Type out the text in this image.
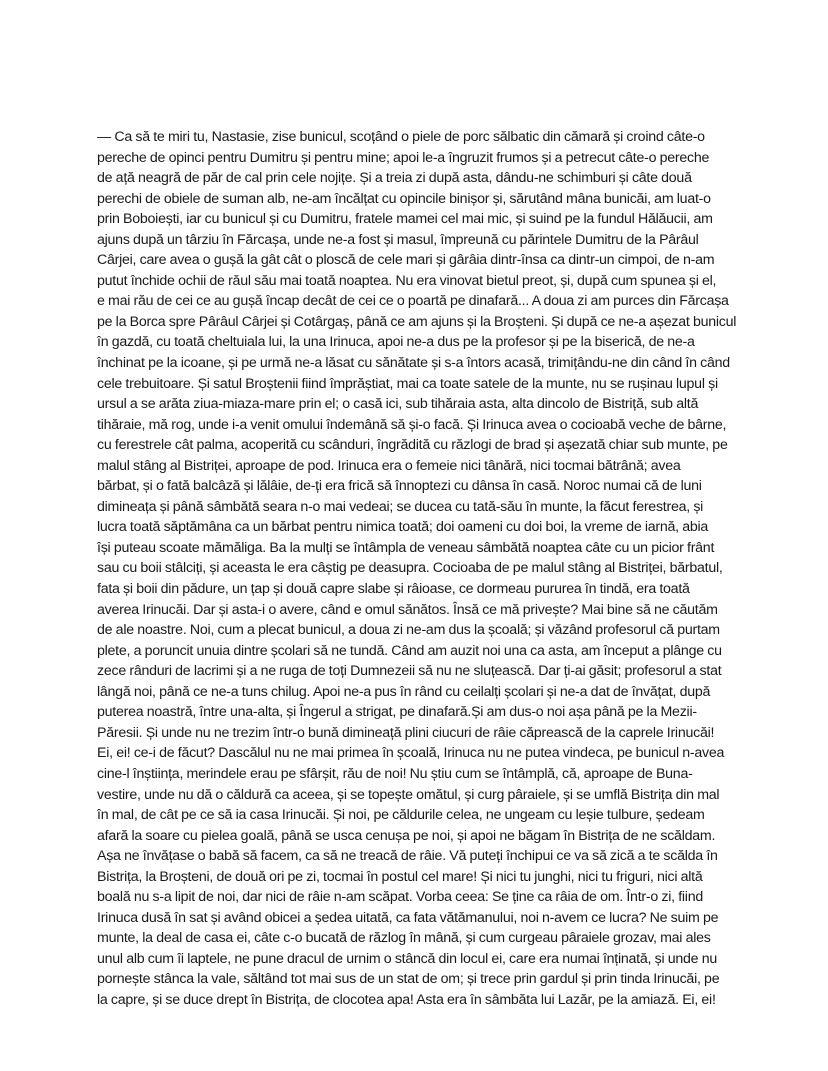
— Ca să te miri tu, Nastasie, zise bunicul, scoțând o piele de porc sălbatic din cămară și croind câte-o
pereche de opinci pentru Dumitru și pentru mine; apoi le-a îngruzit frumos și a petrecut câte-o pereche
de ață neagră de păr de cal prin cele nojițe. Și a treia zi după asta, dându-ne schimburi și câte două
perechi de obiele de suman alb, ne-am încălțat cu opincile binișor și, sărutând mâna bunicăi, am luat-o
prin Boboiești, iar cu bunicul și cu Dumitru, fratele mamei cel mai mic, și suind pe la fundul Hălăucii, am
ajuns după un târziu în Fărcașa, unde ne-a fost și masul, împreună cu părintele Dumitru de la Pârâul
Cârjei, care avea o gușă la gât cât o ploscă de cele mari și gârâia dintr-însa ca dintr-un cimpoi, de n-am
putut închide ochii de răul său mai toată noaptea. Nu era vinovat bietul preot, și, după cum spunea și el,
e mai rău de cei ce au gușă încap decât de cei ce o poartă pe dinafară... A doua zi am purces din Fărcașa
pe la Borca spre Pârâul Cârjei și Cotârgaș, până ce am ajuns și la Broșteni. Și după ce ne-a așezat bunicul
în gazdă, cu toată cheltuiala lui, la una Irinuca, apoi ne-a dus pe la profesor și pe la biserică, de ne-a
închinat pe la icoane, și pe urmă ne-a lăsat cu sănătate și s-a întors acasă, trimițându-ne din când în când
cele trebuitoare. Și satul Broștenii fiind împrăștiat, mai ca toate satele de la munte, nu se rușinau lupul și
ursul a se arăta ziua-miaza-mare prin el; o casă ici, sub tihăraia asta, alta dincolo de Bistriță, sub altă
tihăraie, mă rog, unde i-a venit omului îndemână să și-o facă. Și Irinuca avea o cocioabă veche de bârne,
cu ferestrele cât palma, acoperită cu scânduri, îngrădită cu răzlogi de brad și așezată chiar sub munte, pe
malul stâng al Bistriței, aproape de pod. Irinuca era o femeie nici tânără, nici tocmai bătrână; avea
bărbat, și o fată balcâză și lălâie, de-ți era frică să înnoptezi cu dânsa în casă. Noroc numai că de luni
dimineața și până sâmbătă seara n-o mai vedeai; se ducea cu tată-său în munte, la făcut ferestrea, și
lucra toată săptămâna ca un bărbat pentru nimica toată; doi oameni cu doi boi, la vreme de iarnă, abia
își puteau scoate mămăliga. Ba la mulți se întâmpla de veneau sâmbătă noaptea câte cu un picior frânt
sau cu boii stâlciți, și aceasta le era câștig pe deasupra. Cocioaba de pe malul stâng al Bistriței, bărbatul,
fata și boii din pădure, un țap și două capre slabe și râioase, ce dormeau pururea în tindă, era toată
averea Irinucăi. Dar și asta-i o avere, când e omul sănătos. Însă ce mă privește? Mai bine să ne căutăm
de ale noastre. Noi, cum a plecat bunicul, a doua zi ne-am dus la școală; și văzând profesorul că purtam
plete, a poruncit unuia dintre școlari să ne tundă. Când am auzit noi una ca asta, am început a plânge cu
zece rânduri de lacrimi și a ne ruga de toți Dumnezeii să nu ne sluțească. Dar ți-ai găsit; profesorul a stat
lângă noi, până ce ne-a tuns chilug. Apoi ne-a pus în rând cu ceilalți școlari și ne-a dat de învățat, după
puterea noastră, între una-alta, și Îngerul a strigat, pe dinafară.Și am dus-o noi așa până pe la Mezii-
Păresii. Și unde nu ne trezim într-o bună dimineață plini ciucuri de râie căprească de la caprele Irinucăi!
Ei, ei! ce-i de făcut? Dascălul nu ne mai primea în școală, Irinuca nu ne putea vindeca, pe bunicul n-avea
cine-l înștiința, merindele erau pe sfârșit, rău de noi! Nu știu cum se întâmplă, că, aproape de Buna-
vestire, unde nu dă o căldură ca aceea, și se topește omătul, și curg pâraiele, și se umflă Bistrița din mal
în mal, de cât pe ce să ia casa Irinucăi. Și noi, pe căldurile celea, ne ungeam cu leșie tulbure, ședeam
afară la soare cu pielea goală, până se usca cenușa pe noi, și apoi ne băgam în Bistrița de ne scăldam.
Așa ne învățase o babă să facem, ca să ne treacă de râie. Vă puteți închipui ce va să zică a te scălda în
Bistrița, la Broșteni, de două ori pe zi, tocmai în postul cel mare! Și nici tu junghi, nici tu friguri, nici altă
boală nu s-a lipit de noi, dar nici de râie n-am scăpat. Vorba ceea: Se ține ca râia de om. Într-o zi, fiind
Irinuca dusă în sat și având obicei a ședea uitată, ca fata vătămanului, noi n-avem ce lucra? Ne suim pe
munte, la deal de casa ei, câte c-o bucată de răzlog în mână, și cum curgeau pâraiele grozav, mai ales
unul alb cum îi laptele, ne pune dracul de urnim o stâncă din locul ei, care era numai înținată, și unde nu
pornește stânca la vale, săltând tot mai sus de un stat de om; și trece prin gardul și prin tinda Irinucăi, pe
la capre, și se duce drept în Bistrița, de clocotea apa! Asta era în sâmbăta lui Lazăr, pe la amiază. Ei, ei!
